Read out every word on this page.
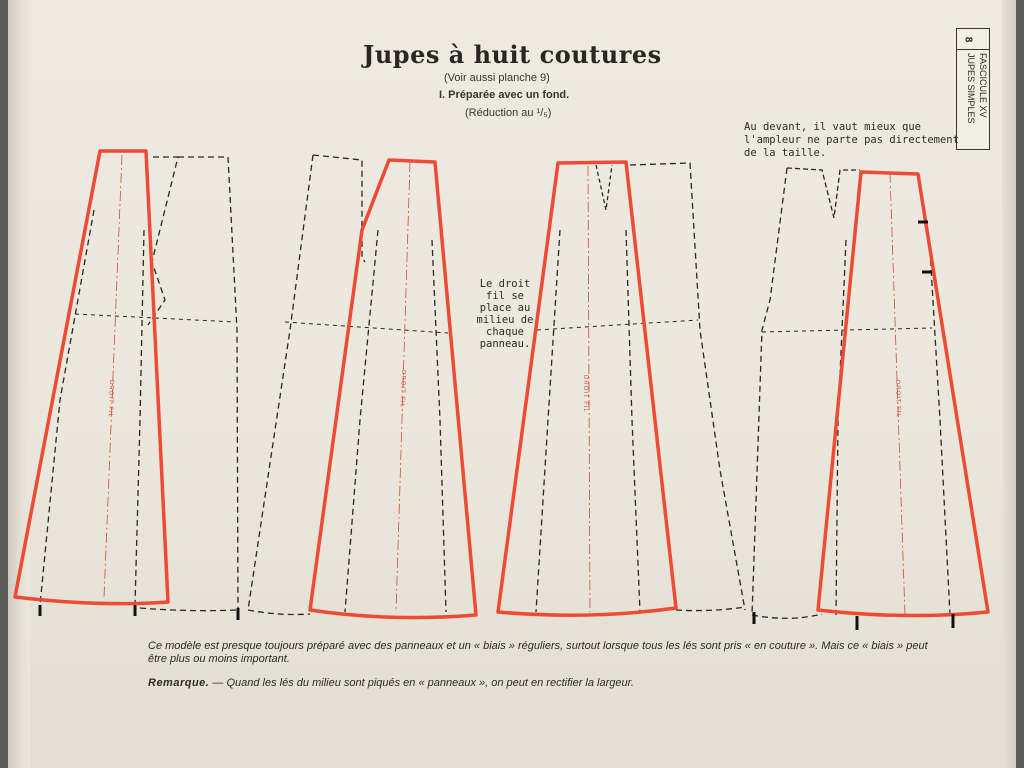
Jupes à huit coutures
(Voir aussi planche 9)
I. Préparée avec un fond.
(Réduction au ¹/₅)
8
FASCICULE XV
JUPES SIMPLES
Au devant, il vaut mieux que l'ampleur ne parte pas directement de la taille.
Le droit fil se place au milieu de chaque panneau.
DROIT FIL	DROIT FIL	DROIT FIL	DROIT FIL
Ce modèle est presque toujours préparé avec des panneaux et un « biais » réguliers, surtout lorsque tous les lés sont pris « en couture ». Mais ce « biais » peut être plus ou moins important.
Remarque. — Quand les lés du milieu sont piqués en « panneaux », on peut en rectifier la largeur.
